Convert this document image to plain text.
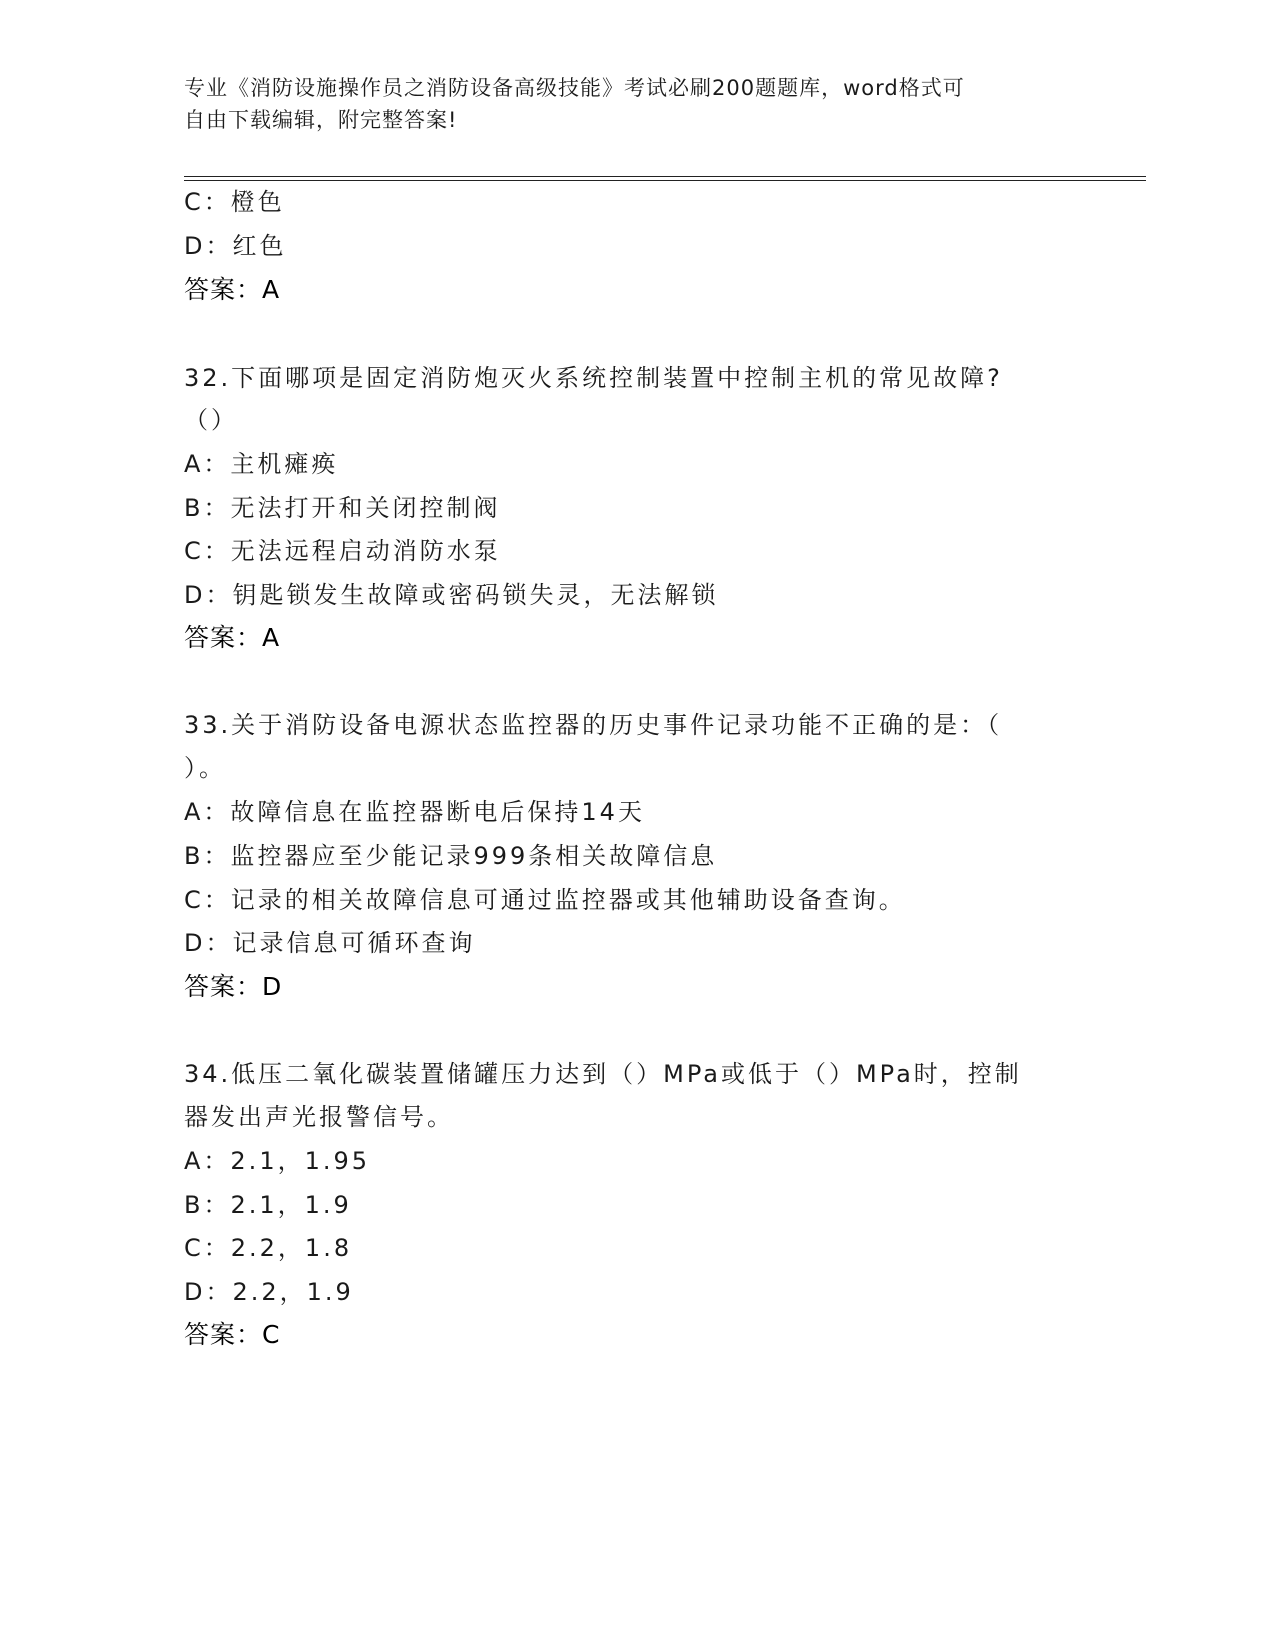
专业《消防设施操作员之消防设备高级技能》考试必刷200题题库，word格式可
自由下载编辑，附完整答案!
C：橙色
D：红色
答案：A
32.下面哪项是固定消防炮灭火系统控制装置中控制主机的常见故障?
（）
A：主机瘫痪
B：无法打开和关闭控制阀
C：无法远程启动消防水泵
D：钥匙锁发生故障或密码锁失灵，无法解锁
答案：A
33.关于消防设备电源状态监控器的历史事件记录功能不正确的是：（
）。
A：故障信息在监控器断电后保持14天
B：监控器应至少能记录999条相关故障信息
C：记录的相关故障信息可通过监控器或其他辅助设备查询。
D：记录信息可循环查询
答案：D
34.低压二氧化碳装置储罐压力达到（）MPa或低于（）MPa时，控制
器发出声光报警信号。
A：2.1，1.95
B：2.1，1.9
C：2.2，1.8
D：2.2，1.9
答案：C
